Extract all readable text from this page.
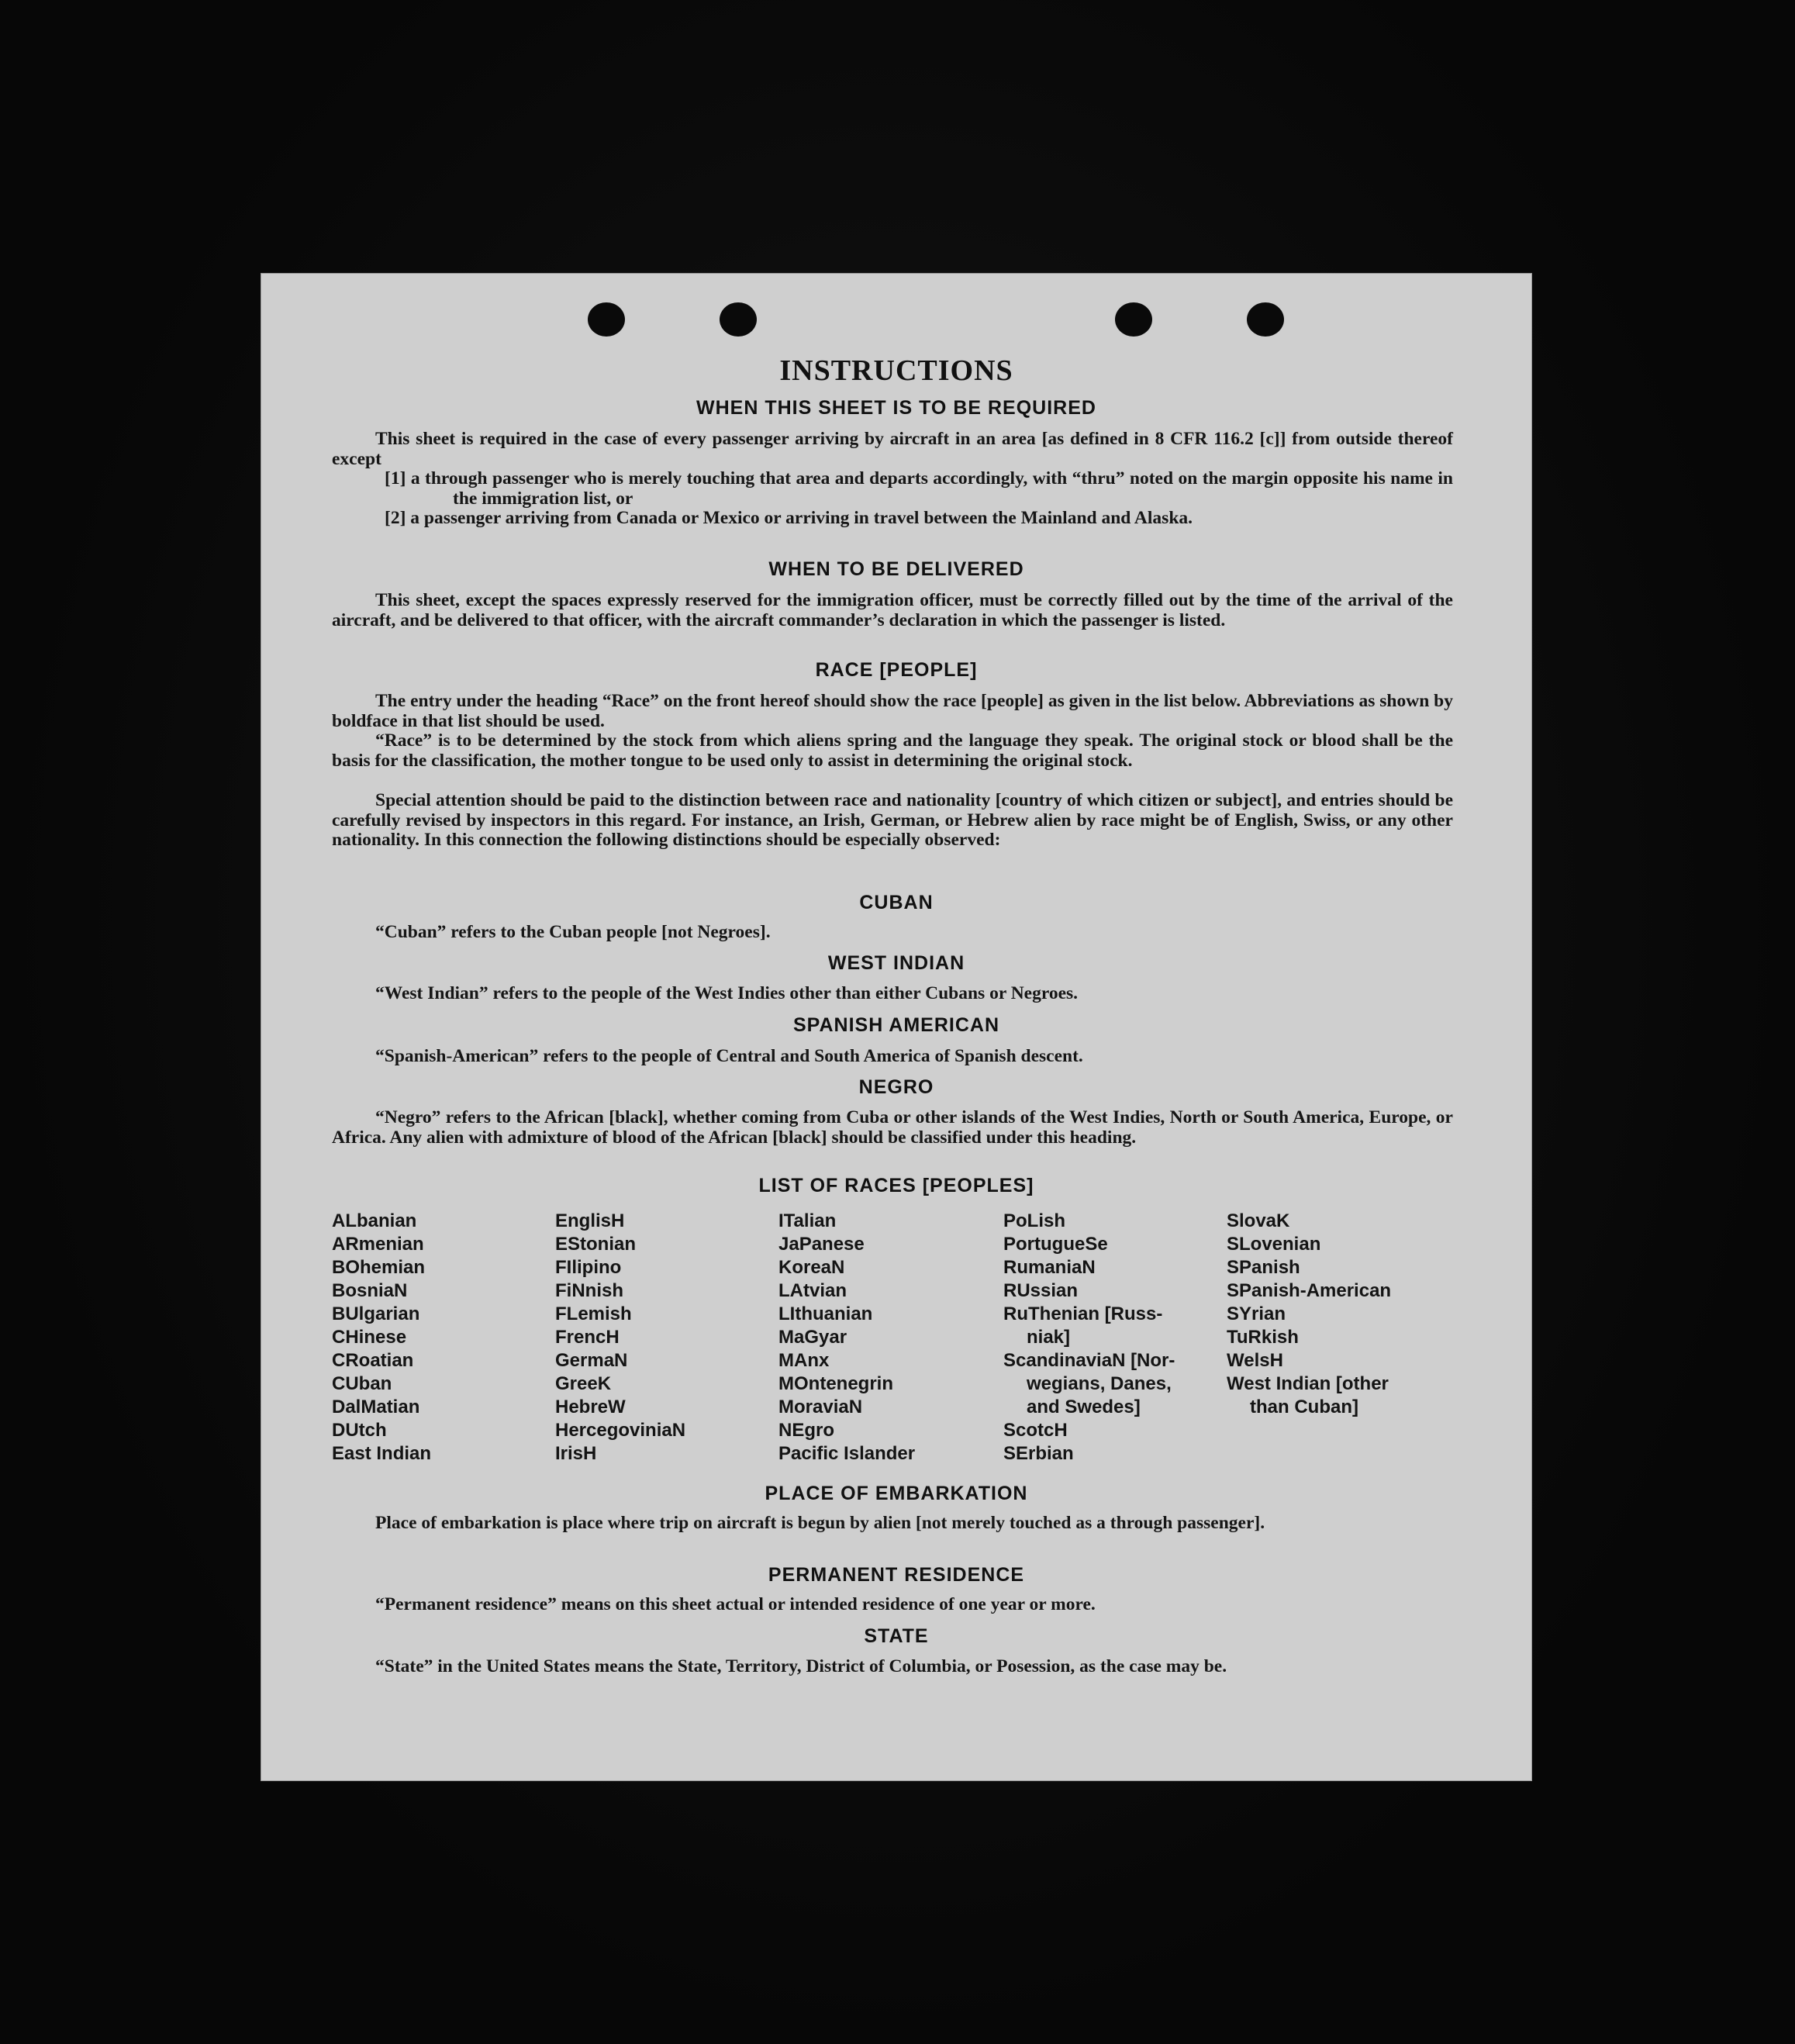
INSTRUCTIONS
WHEN THIS SHEET IS TO BE REQUIRED
This sheet is required in the case of every passenger arriving by aircraft in an area [as defined in 8 CFR 116.2 [c]] from outside thereof except
[1] a through passenger who is merely touching that area and departs accordingly, with “thru” noted on the margin opposite his name in the immigration list, or
[2] a passenger arriving from Canada or Mexico or arriving in travel between the Mainland and Alaska.
WHEN TO BE DELIVERED
This sheet, except the spaces expressly reserved for the immigration officer, must be correctly filled out by the time of the arrival of the aircraft, and be delivered to that officer, with the aircraft commander’s declaration in which the passenger is listed.
RACE [PEOPLE]
The entry under the heading “Race” on the front hereof should show the race [people] as given in the list below. Abbreviations as shown by boldface in that list should be used.
“Race” is to be determined by the stock from which aliens spring and the language they speak. The original stock or blood shall be the basis for the classification, the mother tongue to be used only to assist in determining the original stock.
Special attention should be paid to the distinction between race and nationality [country of which citizen or subject], and entries should be carefully revised by inspectors in this regard. For instance, an Irish, German, or Hebrew alien by race might be of English, Swiss, or any other nationality. In this connection the following distinctions should be especially observed:
CUBAN
“Cuban” refers to the Cuban people [not Negroes].
WEST INDIAN
“West Indian” refers to the people of the West Indies other than either Cubans or Negroes.
SPANISH AMERICAN
“Spanish-American” refers to the people of Central and South America of Spanish descent.
NEGRO
“Negro” refers to the African [black], whether coming from Cuba or other islands of the West Indies, North or South America, Europe, or Africa. Any alien with admixture of blood of the African [black] should be classified under this heading.
LIST OF RACES [PEOPLES]
ALbanian
ARmenian
BOhemian
BosniaN
BUlgarian
CHinese
CRoatian
CUban
DalMatian
DUtch
East Indian
EnglisH
EStonian
FIlipino
FiNnish
FLemish
FrencH
GermaN
GreeK
HebreW
HercegovinіaN
IrisH
ITalian
JaPanese
KoreaN
LAtvian
LIthuanian
MaGyar
MAnx
MOntenegrin
MoraviaN
NEgro
Pacific Islander
PoLish
PortugueSe
RumaniaN
RUssian
RuThenian [Russ-
niak]
ScandinaviaN [Nor-
wegians, Danes,
and Swedes]
ScotcH
SErbian
SlovaK
SLovenian
SPanish
SPanish-American
SYrian
TuRkish
WelsH
West Indian [other
than Cuban]
PLACE OF EMBARKATION
Place of embarkation is place where trip on aircraft is begun by alien [not merely touched as a through passenger].
PERMANENT RESIDENCE
“Permanent residence” means on this sheet actual or intended residence of one year or more.
STATE
“State” in the United States means the State, Territory, District of Columbia, or Posession, as the case may be.
